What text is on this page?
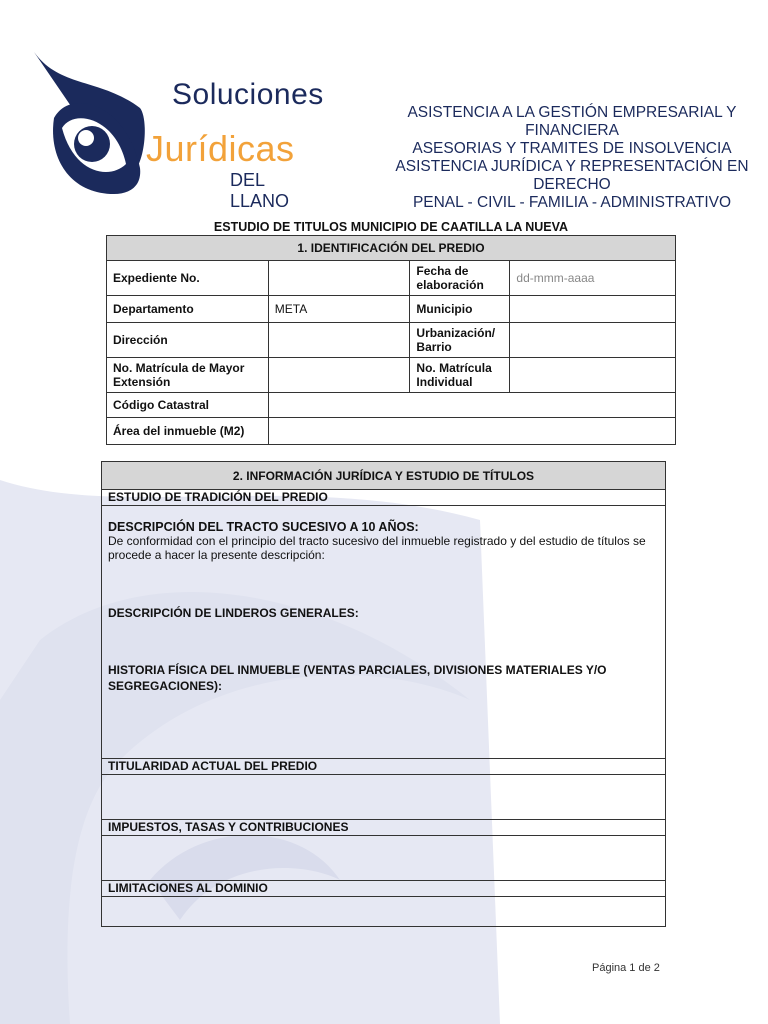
Soluciones
Jurídicas
DEL LLANO
ASISTENCIA A LA GESTIÓN EMPRESARIAL Y FINANCIERA
ASESORIAS Y TRAMITES DE INSOLVENCIA
ASISTENCIA JURÍDICA Y REPRESENTACIÓN EN DERECHO
PENAL - CIVIL - FAMILIA - ADMINISTRATIVO
ESTUDIO DE TITULOS MUNICIPIO DE CAATILLA LA NUEVA
1. IDENTIFICACIÓN DEL PREDIO			
Expediente No.		Fecha de elaboración	dd-mmm-aaaa
Departamento	META	Municipio	
Dirección		Urbanización/ Barrio	
No. Matrícula de Mayor Extensión		No. Matrícula Individual	
Código Catastral			
Área del inmueble (M2)			
2. INFORMACIÓN JURÍDICA Y ESTUDIO DE TÍTULOS
ESTUDIO DE TRADICIÓN DEL PREDIO

DESCRIPCIÓN DEL TRACTO SUCESIVO A 10 AÑOS:
De conformidad con el principio del tracto sucesivo del inmueble registrado y del estudio de títulos se procede a hacer la presente descripción:
DESCRIPCIÓN DE LINDEROS GENERALES:
HISTORIA FÍSICA DEL INMUEBLE (VENTAS PARCIALES, DIVISIONES MATERIALES Y/O SEGREGACIONES):

TITULARIDAD ACTUAL DEL PREDIO

IMPUESTOS, TASAS Y CONTRIBUCIONES

LIMITACIONES AL DOMINIO

Página 1 de 2
